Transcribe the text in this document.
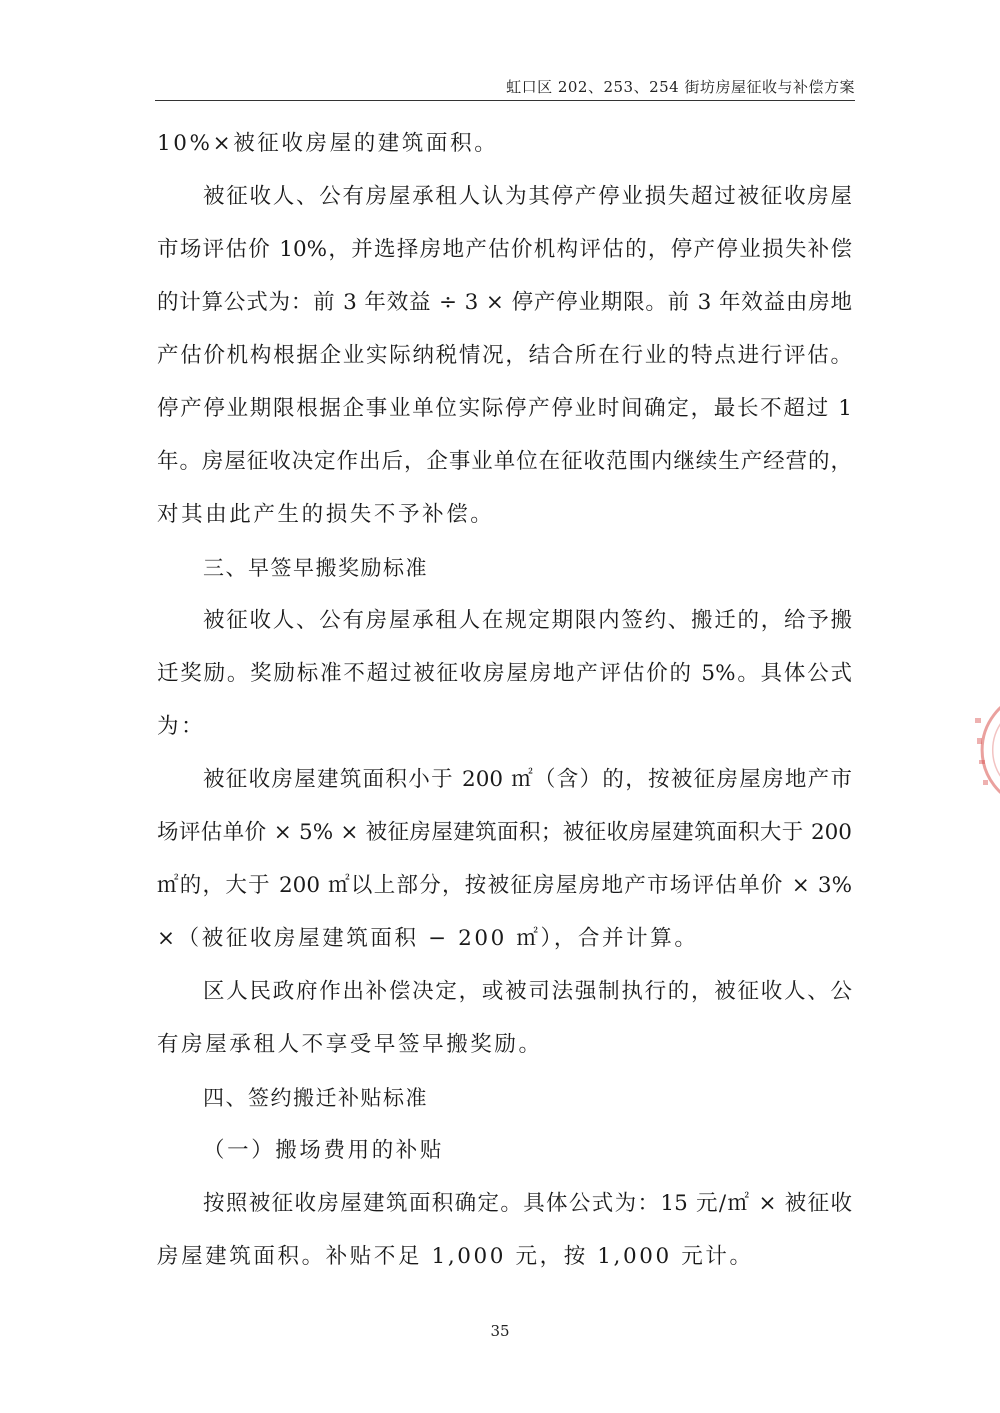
虹口区 202、253、254 街坊房屋征收与补偿方案
10%×被征收房屋的建筑面积。
被征收人、公有房屋承租人认为其停产停业损失超过被征收房屋
市场评估价 10%，并选择房地产估价机构评估的，停产停业损失补偿
的计算公式为：前 3 年效益 ÷ 3 × 停产停业期限。前 3 年效益由房地
产估价机构根据企业实际纳税情况，结合所在行业的特点进行评估。
停产停业期限根据企事业单位实际停产停业时间确定，最长不超过 1
年。房屋征收决定作出后，企事业单位在征收范围内继续生产经营的，
对其由此产生的损失不予补偿。
三、早签早搬奖励标准
被征收人、公有房屋承租人在规定期限内签约、搬迁的，给予搬
迁奖励。奖励标准不超过被征收房屋房地产评估价的 5%。具体公式
为：
被征收房屋建筑面积小于 200 ㎡（含）的，按被征房屋房地产市
场评估单价 × 5% × 被征房屋建筑面积；被征收房屋建筑面积大于 200
㎡的，大于 200 ㎡以上部分，按被征房屋房地产市场评估单价 × 3%
×（被征收房屋建筑面积 − 200 ㎡），合并计算。
区人民政府作出补偿决定，或被司法强制执行的，被征收人、公
有房屋承租人不享受早签早搬奖励。
四、签约搬迁补贴标准
（一）搬场费用的补贴
按照被征收房屋建筑面积确定。具体公式为：15 元/㎡ × 被征收
房屋建筑面积。补贴不足 1,000 元，按 1,000 元计。
35
